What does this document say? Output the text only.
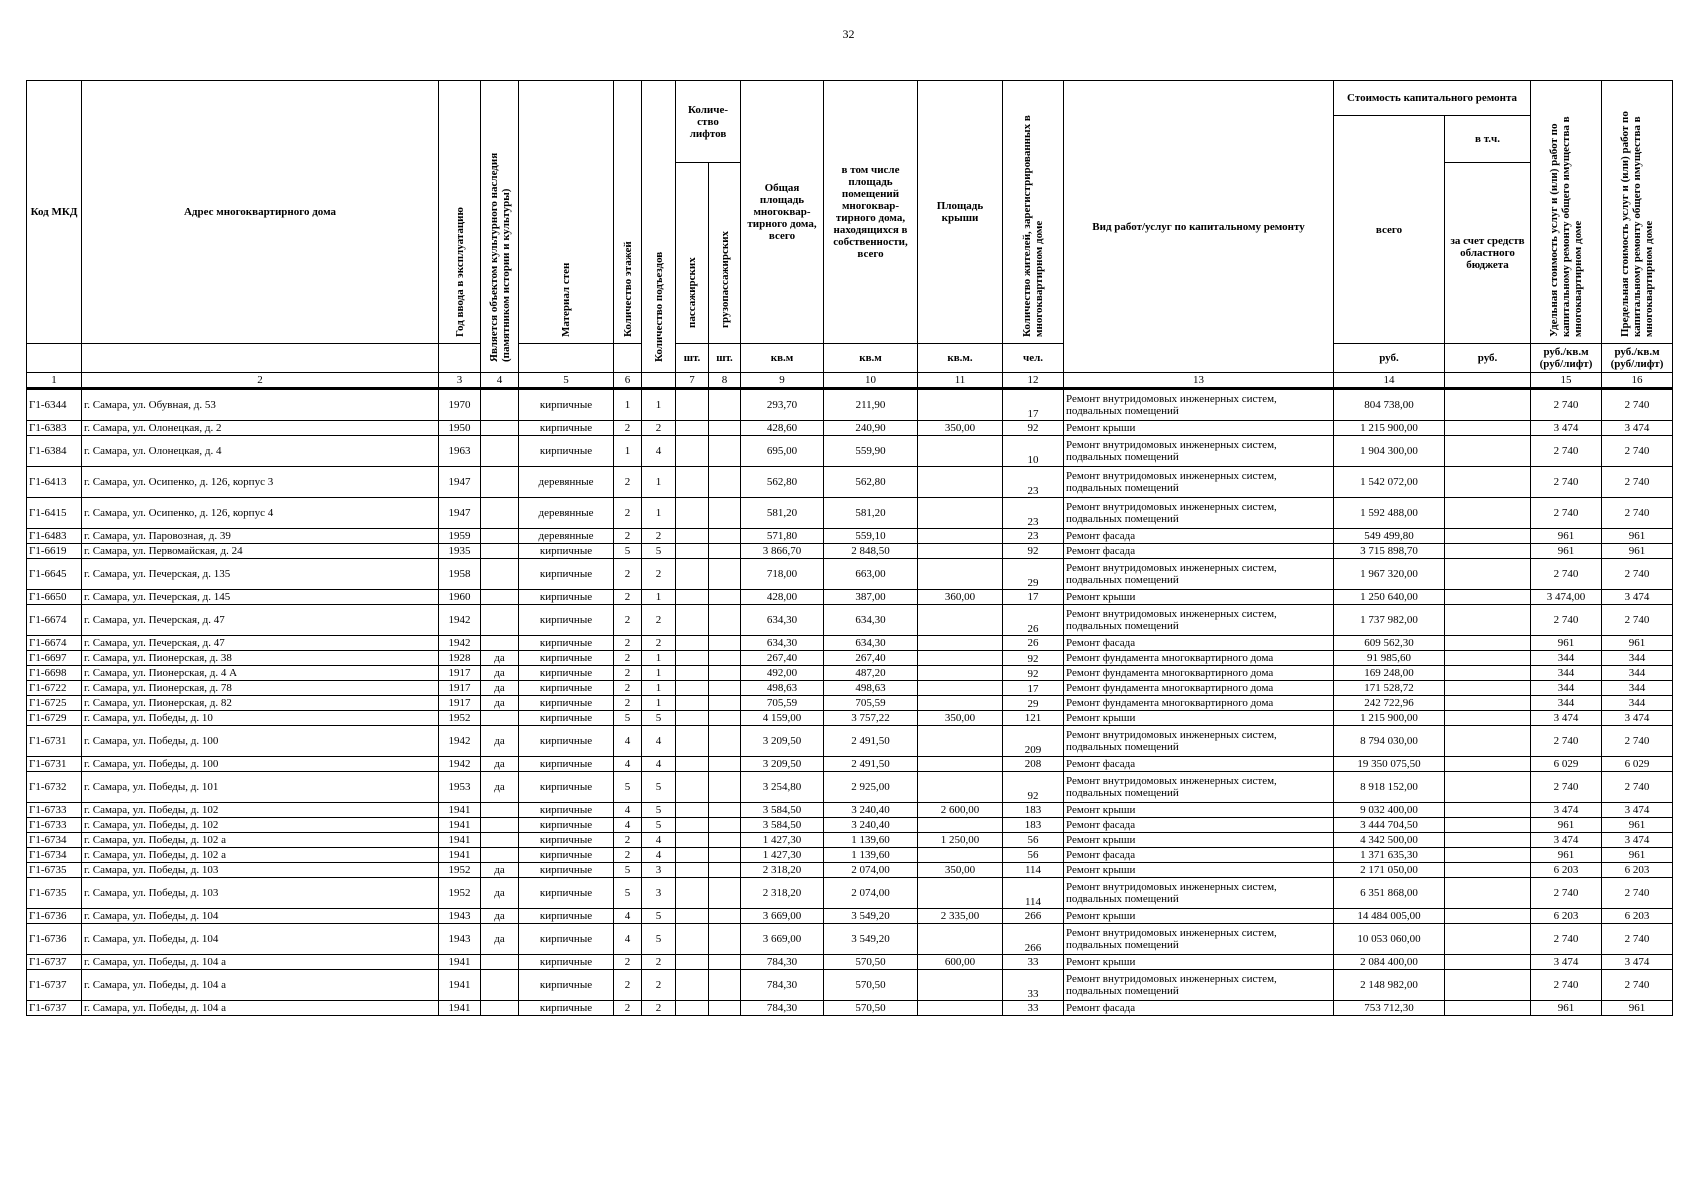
32
Код МКД	Адрес многоквартирного дома	Год ввода в эксплуатацию	Является объектом культурного наследия (памятником истории и культуры)	Материал стен	Количество этажей	Количество подъездов	Количе-ство лифтов		Общая площадь многоквар-тирного дома, всего	в том числе площадь помещений многоквар-тирного дома, находящихся в собственности, всего	Площадь крыши	Количество жителей, зарегистрированных в многоквартирном доме	Вид работ/услуг по капитальному ремонту	Стоимость капитального ремонта		Удельная стоимость услуг и (или) работ по капитальному ремонту общего имущества в многоквартирном доме	Предельная стоимость услуг и (или) работ по капитальному ремонту общего имущества в многоквартирном доме

														всего	в т.ч.		

							пассажирских	грузопассажирских							за счет средств областного бюджета		
							шт.	шт.	кв.м	кв.м	кв.м.	чел.		руб.	руб.	руб./кв.м (руб/лифт)	руб./кв.м (руб/лифт)
1	2	3	4	5	6		7	8	9	10	11	12	13	14		15	16
Г1-6344	г. Самара, ул. Обувная, д. 53	1970		кирпичные	1	1			293,70	211,90		17	Ремонт внутридомовых инженерных систем, подвальных помещений	804 738,00		2 740	2 740
Г1-6383	г. Самара, ул. Олонецкая, д. 2	1950		кирпичные	2	2			428,60	240,90	350,00	92	Ремонт крыши	1 215 900,00		3 474	3 474
Г1-6384	г. Самара, ул. Олонецкая, д. 4	1963		кирпичные	1	4			695,00	559,90		10	Ремонт внутридомовых инженерных систем, подвальных помещений	1 904 300,00		2 740	2 740
Г1-6413	г. Самара, ул. Осипенко, д. 126, корпус 3	1947		деревянные	2	1			562,80	562,80		23	Ремонт внутридомовых инженерных систем, подвальных помещений	1 542 072,00		2 740	2 740
Г1-6415	г. Самара, ул. Осипенко, д. 126, корпус 4	1947		деревянные	2	1			581,20	581,20		23	Ремонт внутридомовых инженерных систем, подвальных помещений	1 592 488,00		2 740	2 740
Г1-6483	г. Самара, ул. Паровозная, д. 39	1959		деревянные	2	2			571,80	559,10		23	Ремонт фасада	549 499,80		961	961
Г1-6619	г. Самара, ул. Первомайская, д. 24	1935		кирпичные	5	5			3 866,70	2 848,50		92	Ремонт фасада	3 715 898,70		961	961
Г1-6645	г. Самара, ул. Печерская, д. 135	1958		кирпичные	2	2			718,00	663,00		29	Ремонт внутридомовых инженерных систем, подвальных помещений	1 967 320,00		2 740	2 740
Г1-6650	г. Самара, ул. Печерская, д. 145	1960		кирпичные	2	1			428,00	387,00	360,00	17	Ремонт крыши	1 250 640,00		3 474,00	3 474
Г1-6674	г. Самара, ул. Печерская, д. 47	1942		кирпичные	2	2			634,30	634,30		26	Ремонт внутридомовых инженерных систем, подвальных помещений	1 737 982,00		2 740	2 740
Г1-6674	г. Самара, ул. Печерская, д. 47	1942		кирпичные	2	2			634,30	634,30		26	Ремонт фасада	609 562,30		961	961
Г1-6697	г. Самара, ул. Пионерская, д. 38	1928	да	кирпичные	2	1			267,40	267,40		92	Ремонт фундамента многоквартирного дома	91 985,60		344	344
Г1-6698	г. Самара, ул. Пионерская, д. 4 А	1917	да	кирпичные	2	1			492,00	487,20		92	Ремонт фундамента многоквартирного дома	169 248,00		344	344
Г1-6722	г. Самара, ул. Пионерская, д. 78	1917	да	кирпичные	2	1			498,63	498,63		17	Ремонт фундамента многоквартирного дома	171 528,72		344	344
Г1-6725	г. Самара, ул. Пионерская, д. 82	1917	да	кирпичные	2	1			705,59	705,59		29	Ремонт фундамента многоквартирного дома	242 722,96		344	344
Г1-6729	г. Самара, ул. Победы, д. 10	1952		кирпичные	5	5			4 159,00	3 757,22	350,00	121	Ремонт крыши	1 215 900,00		3 474	3 474
Г1-6731	г. Самара, ул. Победы, д. 100	1942	да	кирпичные	4	4			3 209,50	2 491,50		209	Ремонт внутридомовых инженерных систем, подвальных помещений	8 794 030,00		2 740	2 740
Г1-6731	г. Самара, ул. Победы, д. 100	1942	да	кирпичные	4	4			3 209,50	2 491,50		208	Ремонт фасада	19 350 075,50		6 029	6 029
Г1-6732	г. Самара, ул. Победы, д. 101	1953	да	кирпичные	5	5			3 254,80	2 925,00		92	Ремонт внутридомовых инженерных систем, подвальных помещений	8 918 152,00		2 740	2 740
Г1-6733	г. Самара, ул. Победы, д. 102	1941		кирпичные	4	5			3 584,50	3 240,40	2 600,00	183	Ремонт крыши	9 032 400,00		3 474	3 474
Г1-6733	г. Самара, ул. Победы, д. 102	1941		кирпичные	4	5			3 584,50	3 240,40		183	Ремонт фасада	3 444 704,50		961	961
Г1-6734	г. Самара, ул. Победы, д. 102 а	1941		кирпичные	2	4			1 427,30	1 139,60	1 250,00	56	Ремонт крыши	4 342 500,00		3 474	3 474
Г1-6734	г. Самара, ул. Победы, д. 102 а	1941		кирпичные	2	4			1 427,30	1 139,60		56	Ремонт фасада	1 371 635,30		961	961
Г1-6735	г. Самара, ул. Победы, д. 103	1952	да	кирпичные	5	3			2 318,20	2 074,00	350,00	114	Ремонт крыши	2 171 050,00		6 203	6 203
Г1-6735	г. Самара, ул. Победы, д. 103	1952	да	кирпичные	5	3			2 318,20	2 074,00		114	Ремонт внутридомовых инженерных систем, подвальных помещений	6 351 868,00		2 740	2 740
Г1-6736	г. Самара, ул. Победы, д. 104	1943	да	кирпичные	4	5			3 669,00	3 549,20	2 335,00	266	Ремонт крыши	14 484 005,00		6 203	6 203
Г1-6736	г. Самара, ул. Победы, д. 104	1943	да	кирпичные	4	5			3 669,00	3 549,20		266	Ремонт внутридомовых инженерных систем, подвальных помещений	10 053 060,00		2 740	2 740
Г1-6737	г. Самара, ул. Победы, д. 104 а	1941		кирпичные	2	2			784,30	570,50	600,00	33	Ремонт крыши	2 084 400,00		3 474	3 474
Г1-6737	г. Самара, ул. Победы, д. 104 а	1941		кирпичные	2	2			784,30	570,50		33	Ремонт внутридомовых инженерных систем, подвальных помещений	2 148 982,00		2 740	2 740
Г1-6737	г. Самара, ул. Победы, д. 104 а	1941		кирпичные	2	2			784,30	570,50		33	Ремонт фасада	753 712,30		961	961
